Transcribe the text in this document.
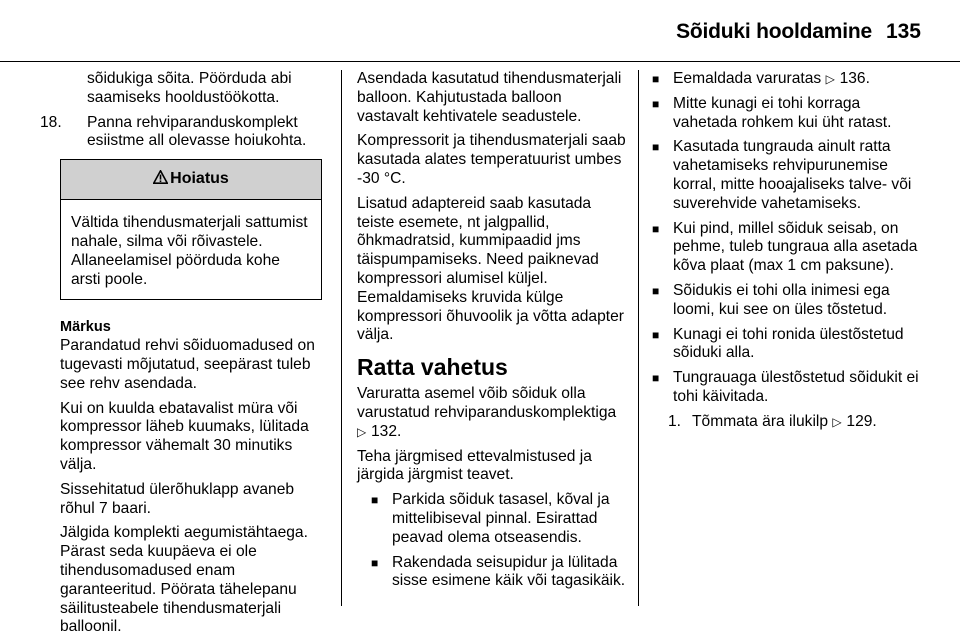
Sõiduki hooldamine 135

sõidukiga sõita. Pöörduda abi saamiseks hooldustöökotta.

18.	Panna rehviparanduskomplekt esiistme all olevasse hoiukohta.
Hoiatus
Vältida tihendusmaterjali sattumist nahale, silma või rõivastele. Allaneelamisel pöörduda kohe arsti poole.
Märkus

Parandatud rehvi sõiduomadused on tugevasti mõjutatud, seepärast tuleb see rehv asendada.

Kui on kuulda ebatavalist müra või kompressor läheb kuumaks, lülitada kompressor vähemalt 30 minutiks välja.

Sissehitatud ülerõhuklapp avaneb rõhul 7 baari.

Jälgida komplekti aegumistähtaega. Pärast seda kuupäeva ei ole tihendusomadused enam garanteeritud. Pöörata tähelepanu säilitusteabele tihendusmaterjali balloonil.

Asendada kasutatud tihendusmaterjali balloon. Kahjutustada balloon vastavalt kehtivatele seadustele.

Kompressorit ja tihendusmaterjali saab kasutada alates temperatuurist umbes -30 °C.

Lisatud adaptereid saab kasutada teiste esemete, nt jalgpallid, õhkmadratsid, kummipaadid jms täispumpamiseks. Need paiknevad kompressori alumisel küljel. Eemaldamiseks kruvida külge kompressori õhuvoolik ja võtta adapter välja.

Ratta vahetus

Varuratta asemel võib sõiduk olla varustatud rehviparanduskomplektiga ▷ 132.

Teha järgmised ettevalmistused ja järgida järgmist teavet.

■ Parkida sõiduk tasasel, kõval ja mittelibiseval pinnal. Esirattad peavad olema otseasendis.
■ Rakendada seisupidur ja lülitada sisse esimene käik või tagasikäik.
■ Eemaldada varuratas ▷ 136.
■ Mitte kunagi ei tohi korraga vahetada rohkem kui üht ratast.
■ Kasutada tungrauda ainult ratta vahetamiseks rehvipurunemise korral, mitte hooajaliseks talve- või suverehvide vahetamiseks.
■ Kui pind, millel sõiduk seisab, on pehme, tuleb tungraua alla asetada kõva plaat (max 1 cm paksune).
■ Sõidukis ei tohi olla inimesi ega loomi, kui see on üles tõstetud.
■ Kunagi ei tohi ronida ülestõstetud sõiduki alla.
■ Tungrauaga ülestõstetud sõidukit ei tohi käivitada.
1. Tõmmata ära ilukilp ▷ 129.
